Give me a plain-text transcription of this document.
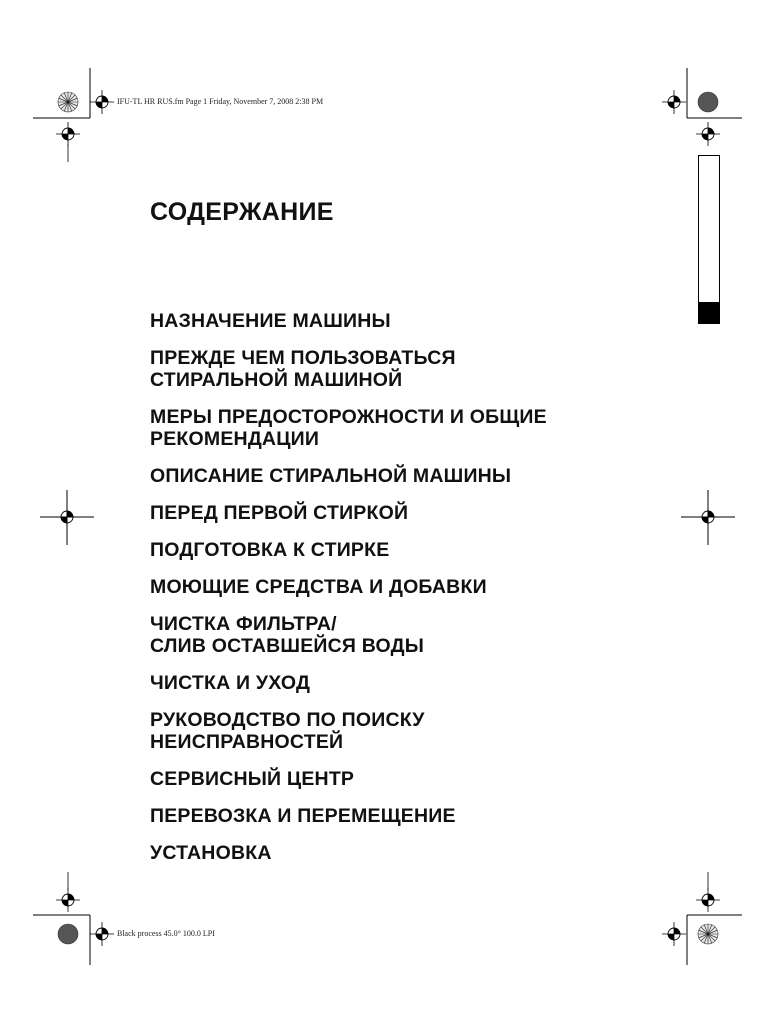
IFU-TL HR RUS.fm Page 1 Friday, November 7, 2008 2:38 PM
Black process 45.0° 100.0 LPI
СОДЕРЖАНИЕ
НАЗНАЧЕНИЕ МАШИНЫ
ПРЕЖДЕ ЧЕМ ПОЛЬЗОВАТЬСЯ
СТИРАЛЬНОЙ МАШИНОЙ
МЕРЫ ПРЕДОСТОРОЖНОСТИ И ОБЩИЕ
РЕКОМЕНДАЦИИ
ОПИСАНИЕ СТИРАЛЬНОЙ МАШИНЫ
ПЕРЕД ПЕРВОЙ СТИРКОЙ
ПОДГОТОВКА К СТИРКЕ
МОЮЩИЕ СРЕДСТВА И ДОБАВКИ
ЧИСТКА ФИЛЬТРА/
СЛИВ ОСТАВШЕЙСЯ ВОДЫ
ЧИСТКА И УХОД
РУКОВОДСТВО ПО ПОИСКУ
НЕИСПРАВНОСТЕЙ
СЕРВИСНЫЙ ЦЕНТР
ПЕРЕВОЗКА И ПЕРЕМЕЩЕНИЕ
УСТАНОВКА
